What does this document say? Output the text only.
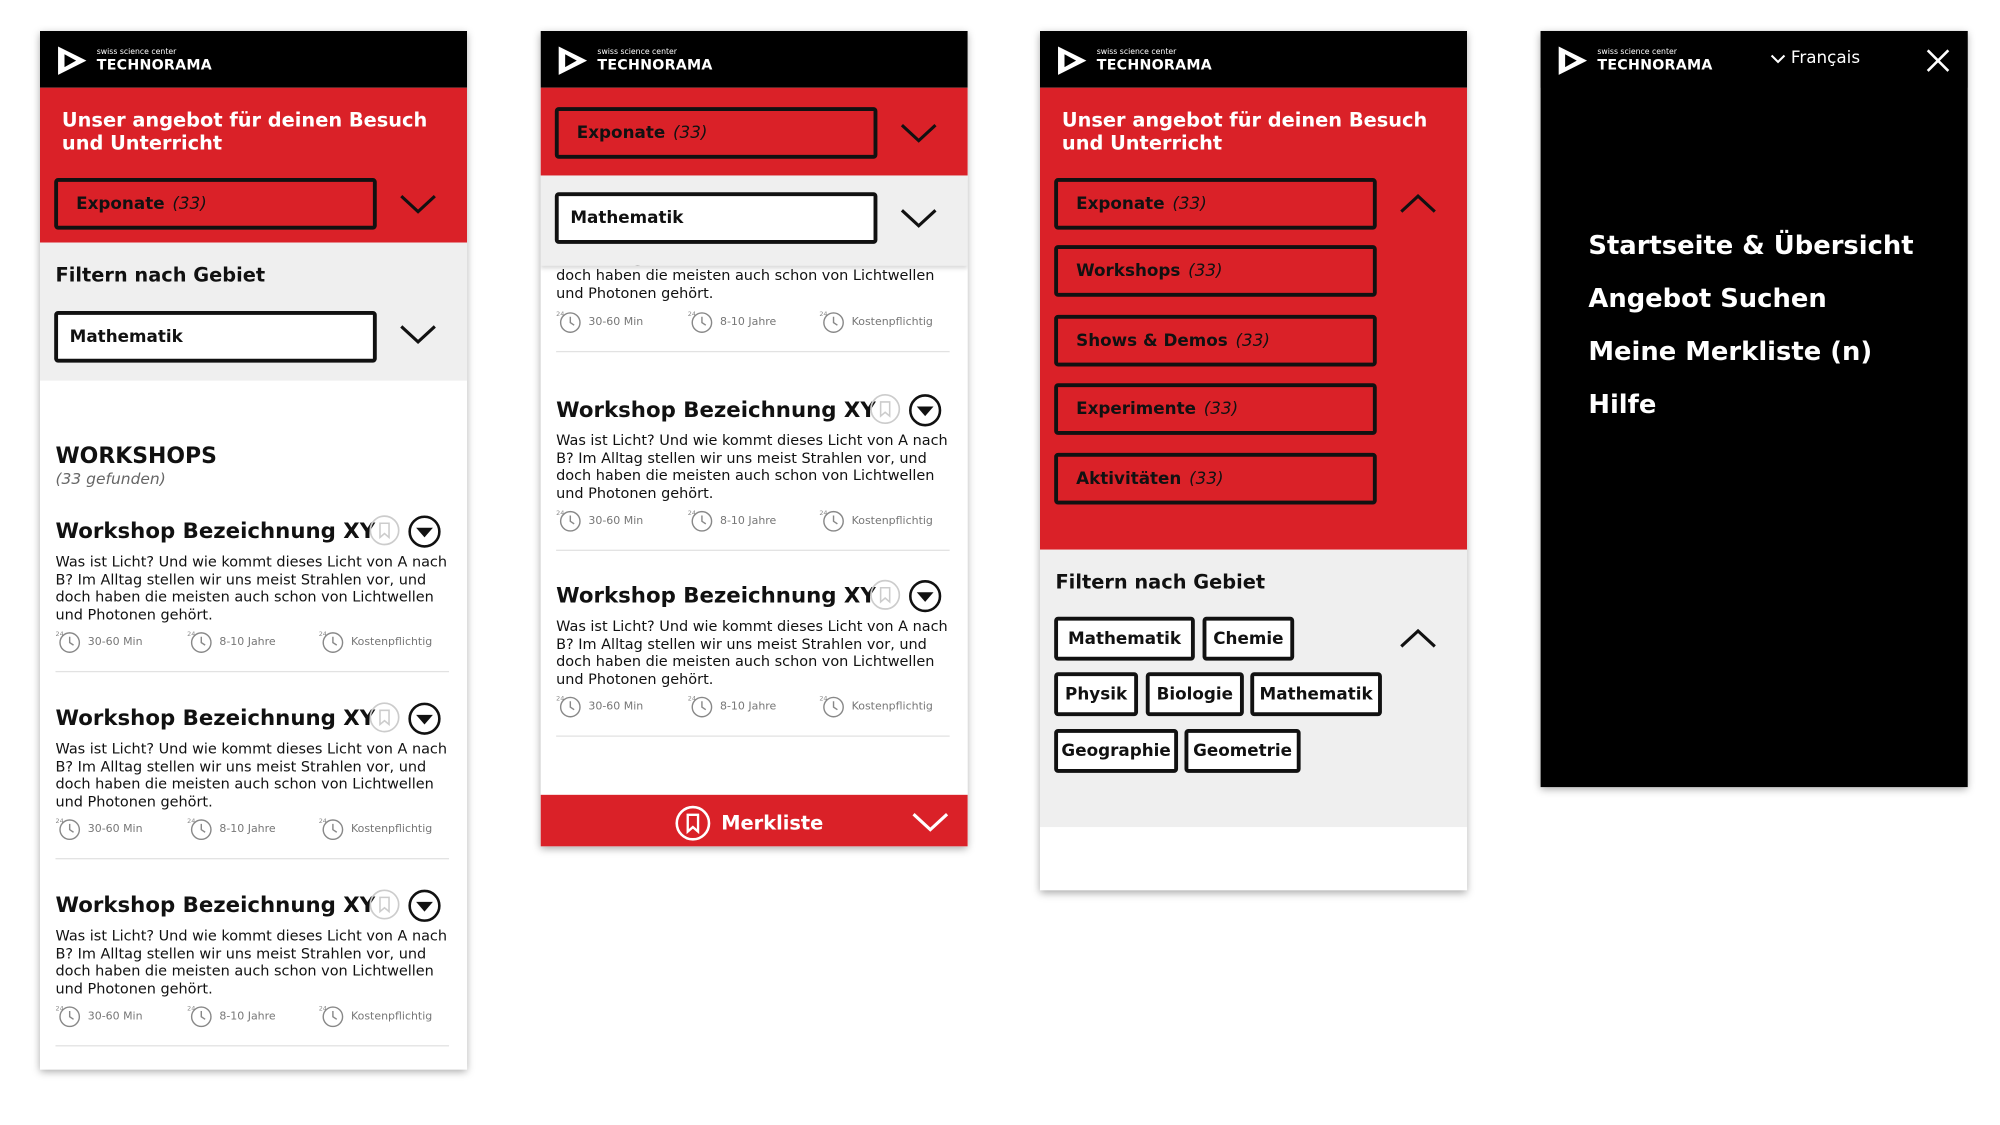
swiss science center
TECHNORAMA
Unser angebot für deinen Besuch und Unterricht
Exponate (33)
Filtern nach Gebiet
Mathematik
WORKSHOPS
(33 gefunden)
Workshop Bezeichnung XY
Was ist Licht? Und wie kommt dieses Licht von A nach B? Im Alltag stellen wir uns meist Strahlen vor, und doch haben die meisten auch schon von Lichtwellen und Photonen gehört.
24
30-60 Min
24
8-10 Jahre
24
Kostenpflichtig
Workshop Bezeichnung XY
Was ist Licht? Und wie kommt dieses Licht von A nach B? Im Alltag stellen wir uns meist Strahlen vor, und doch haben die meisten auch schon von Lichtwellen und Photonen gehört.
24
30-60 Min
24
8-10 Jahre
24
Kostenpflichtig
Workshop Bezeichnung XY
Was ist Licht? Und wie kommt dieses Licht von A nach B? Im Alltag stellen wir uns meist Strahlen vor, und doch haben die meisten auch schon von Lichtwellen und Photonen gehört.
24
30-60 Min
24
8-10 Jahre
24
Kostenpflichtig
doch haben die meisten auch schon von Lichtwellen und Photonen gehört.
24
30-60 Min
24
8-10 Jahre
24
Kostenpflichtig
Workshop Bezeichnung XY
Was ist Licht? Und wie kommt dieses Licht von A nach B? Im Alltag stellen wir uns meist Strahlen vor, und doch haben die meisten auch schon von Lichtwellen und Photonen gehört.
24
30-60 Min
24
8-10 Jahre
24
Kostenpflichtig
Workshop Bezeichnung XY
Was ist Licht? Und wie kommt dieses Licht von A nach B? Im Alltag stellen wir uns meist Strahlen vor, und doch haben die meisten auch schon von Lichtwellen und Photonen gehört.
24
30-60 Min
24
8-10 Jahre
24
Kostenpflichtig
swiss science center
TECHNORAMA
Exponate (33)
Mathematik
Merkliste
swiss science center
TECHNORAMA
Unser angebot für deinen Besuch und Unterricht
Exponate (33)
Workshops (33)
Shows & Demos (33)
Experimente (33)
Aktivitäten (33)
Filtern nach Gebiet
Mathematik Chemie
Physik Biologie Mathematik
Geographie Geometrie
swiss science center
TECHNORAMA	Français
Startseite & Übersicht
Angebot Suchen
Meine Merkliste (n)
Hilfe
